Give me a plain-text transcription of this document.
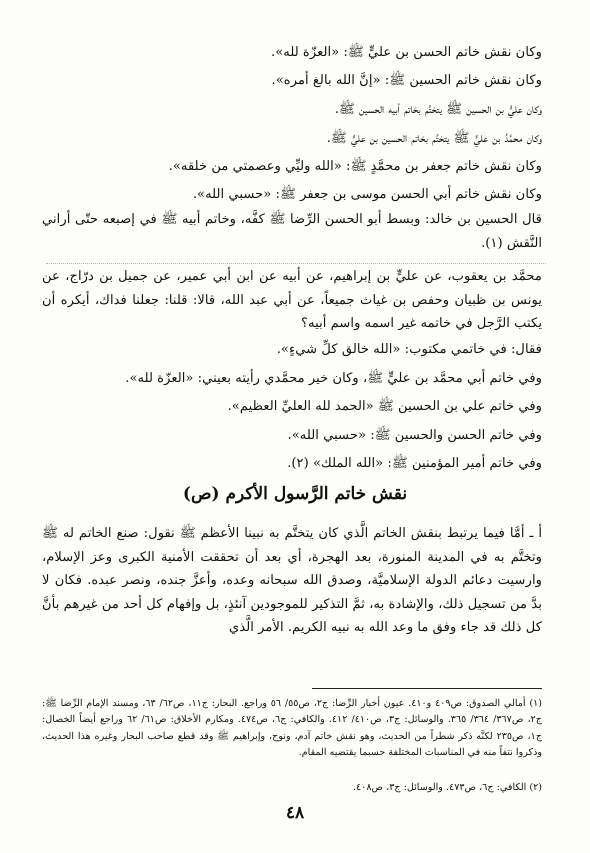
وكان نقش خاتم الحسن بن عليٍّ ﷺ: «العزّة لله».
وكان نقش خاتم الحسين ﷺ: «إنَّ الله بالغ أمره».
وكان عليُّ بن الحسين ﷺ يتختَّم بخاتم أبيه الحسين ﷺ.
وكان محمَّدُ بن عليٍّ ﷺ يتختَّم بخاتم الحسين بن عليٍّ ﷺ.
وكان نقش خاتم جعفر بن محمَّدٍ ﷺ: «الله وليِّي وعصمتي من خلقه».
وكان نقش خاتم أبي الحسن موسى بن جعفر ﷺ: «حسبي الله».
قال الحسين بن خالد: وبسط أبو الحسن الرِّضا ﷺ كفَّه، وخاتم أبيه ﷺ في إصبعه حتّى أراني النَّقش (١).
محمَّد بن يعقوب، عن عليٍّ بن إبراهيم، عن أبيه عن ابن أبي عمير، عن جميل بن درّاج، عن يونس بن ظبيان وحفص بن غياث جميعاً، عن أبي عبد الله، قالا: قلنا: جعلنا فداك، أيكره أن يكتب الرَّجل في خاتمه غير اسمه واسم أبيه؟
فقال: في خاتمي مكتوب: «الله خالق كلِّ شيءٍ».
وفي خاتم أبي محمَّد بن عليٍّ ﷺ، وكان خير محمَّدي رأيته بعيني: «العزّة لله».
وفي خاتم علي بن الحسين ﷺ «الحمد لله العليِّ العظيم».
وفي خاتم الحسن والحسين ﷺ: «حسبي الله».
وفي خاتم أمير المؤمنين ﷺ: «الله الملك» (٢).
نقش خاتم الرَّسول الأكرم (ص)
أ ـ أمَّا فيما يرتبط بنقش الخاتم الَّذي كان يتختَّم به نبينا الأعظم ﷺ نقول: صنع الخاتم له ﷺ وتختَّم به في المدينة المنورة، بعد الهجرة، أي بعد أن تحققت الأمنية الكبرى وعز الإسلام، وارسيت دعائم الدولة الإسلاميَّة، وصدق الله سبحانه وعده، وأعزَّ جنده، ونصر عبده. فكان لا بدَّ من تسجيل ذلك، والإشادة به، ثمَّ التذكير للموجودين آنئذٍ، بل وإفهام كل أحد من غيرهم بأنَّ كل ذلك قد جاء وفق ما وعد الله به نبيه الكريم. الأمر الَّذي
(١) أمالي الصدوق: ص٤٠٩ و٤١٠. عيون أخبار الرِّضا: ج٢، ص٥٥/ ٥٦ وراجع. البحار: ج١١، ص٦٢/ ٦٣، ومسند الإمام الرِّضا ﷺ: ج٢، ص٣٦٧/ ٣٦٤/ ٣٦٥. والوسائل: ج٣، ص٤١٠/ ٤١٢. والكافي: ج٦، ص٤٧٤. ومكارم الأخلاق: ص٦١/ ٦٢ وراجع أيضاً الخصال: ج١، ص٢٣٥ لكنَّه ذكر شطراً من الحديث، وهو نقش خاتم آدم، ونوح، وإبراهيم ﷺ وقد قطع صاحب البحار وغيره هذا الحديث، وذكروا نتفاً منه في المناسبات المختلفة حسبما يقتضيه المقام.
(٢) الكافي: ج٦، ص٤٧٣. والوسائل: ج٣، ص٤٠٨.
٤٨
